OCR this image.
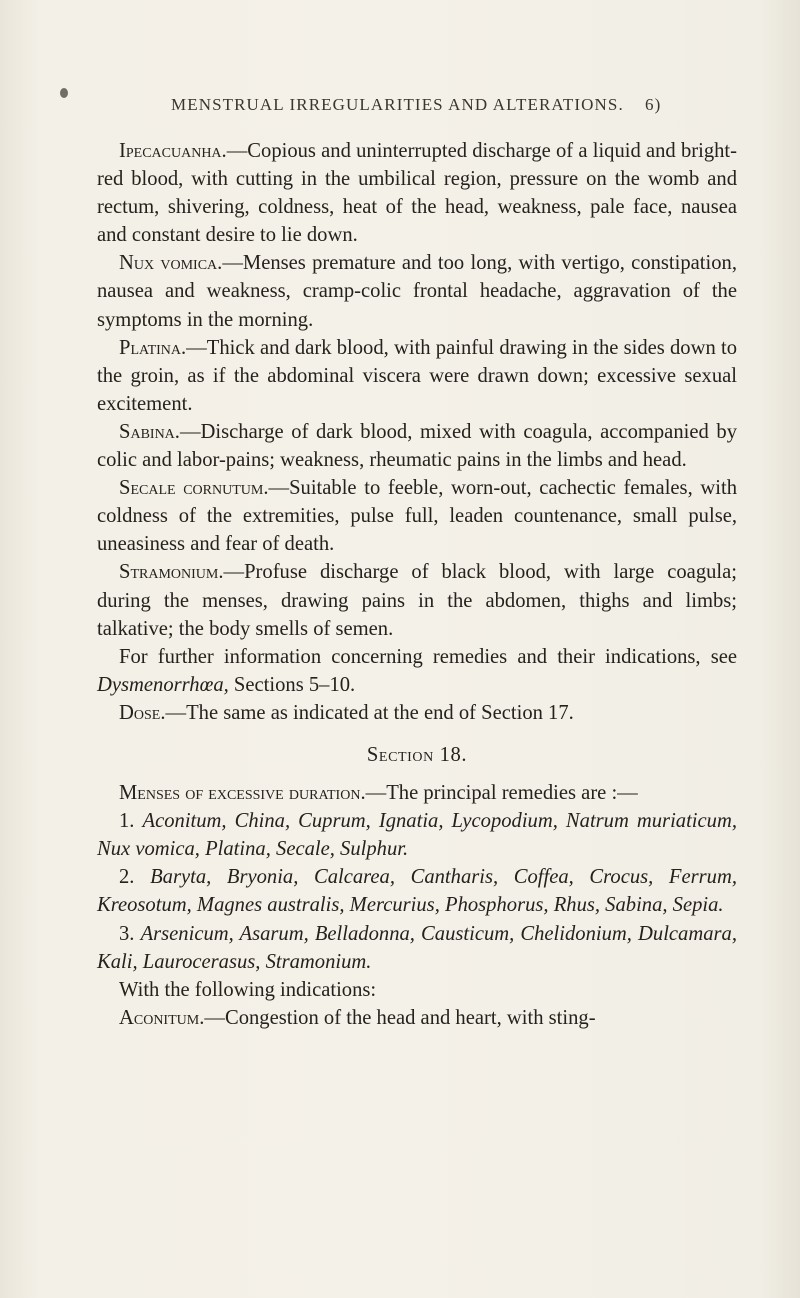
MENSTRUAL IRREGULARITIES AND ALTERATIONS. 6)

Ipecacuanha.—Copious and uninterrupted discharge of a liquid and bright-red blood, with cutting in the umbilical region, pressure on the womb and rectum, shivering, coldness, heat of the head, weakness, pale face, nausea and constant desire to lie down.

Nux vomica.—Menses premature and too long, with vertigo, constipation, nausea and weakness, cramp-colic frontal headache, aggravation of the symptoms in the morning.

Platina.—Thick and dark blood, with painful drawing in the sides down to the groin, as if the abdominal viscera were drawn down; excessive sexual excitement.

Sabina.—Discharge of dark blood, mixed with coagula, accompanied by colic and labor-pains; weakness, rheumatic pains in the limbs and head.

Secale cornutum.—Suitable to feeble, worn-out, cachectic females, with coldness of the extremities, pulse full, leaden countenance, small pulse, uneasiness and fear of death.

Stramonium.—Profuse discharge of black blood, with large coagula; during the menses, drawing pains in the abdomen, thighs and limbs; talkative; the body smells of semen.

For further information concerning remedies and their indications, see Dysmenorrhœa, Sections 5–10.

Dose.—The same as indicated at the end of Section 17.

Section 18.

Menses of excessive duration.—The principal remedies are :—

1. Aconitum, China, Cuprum, Ignatia, Lycopodium, Natrum muriaticum, Nux vomica, Platina, Secale, Sulphur.

2. Baryta, Bryonia, Calcarea, Cantharis, Coffea, Crocus, Ferrum, Kreosotum, Magnes australis, Mercurius, Phosphorus, Rhus, Sabina, Sepia.

3. Arsenicum, Asarum, Belladonna, Causticum, Chelidonium, Dulcamara, Kali, Laurocerasus, Stramonium.

With the following indications:

Aconitum.—Congestion of the head and heart, with sting-
